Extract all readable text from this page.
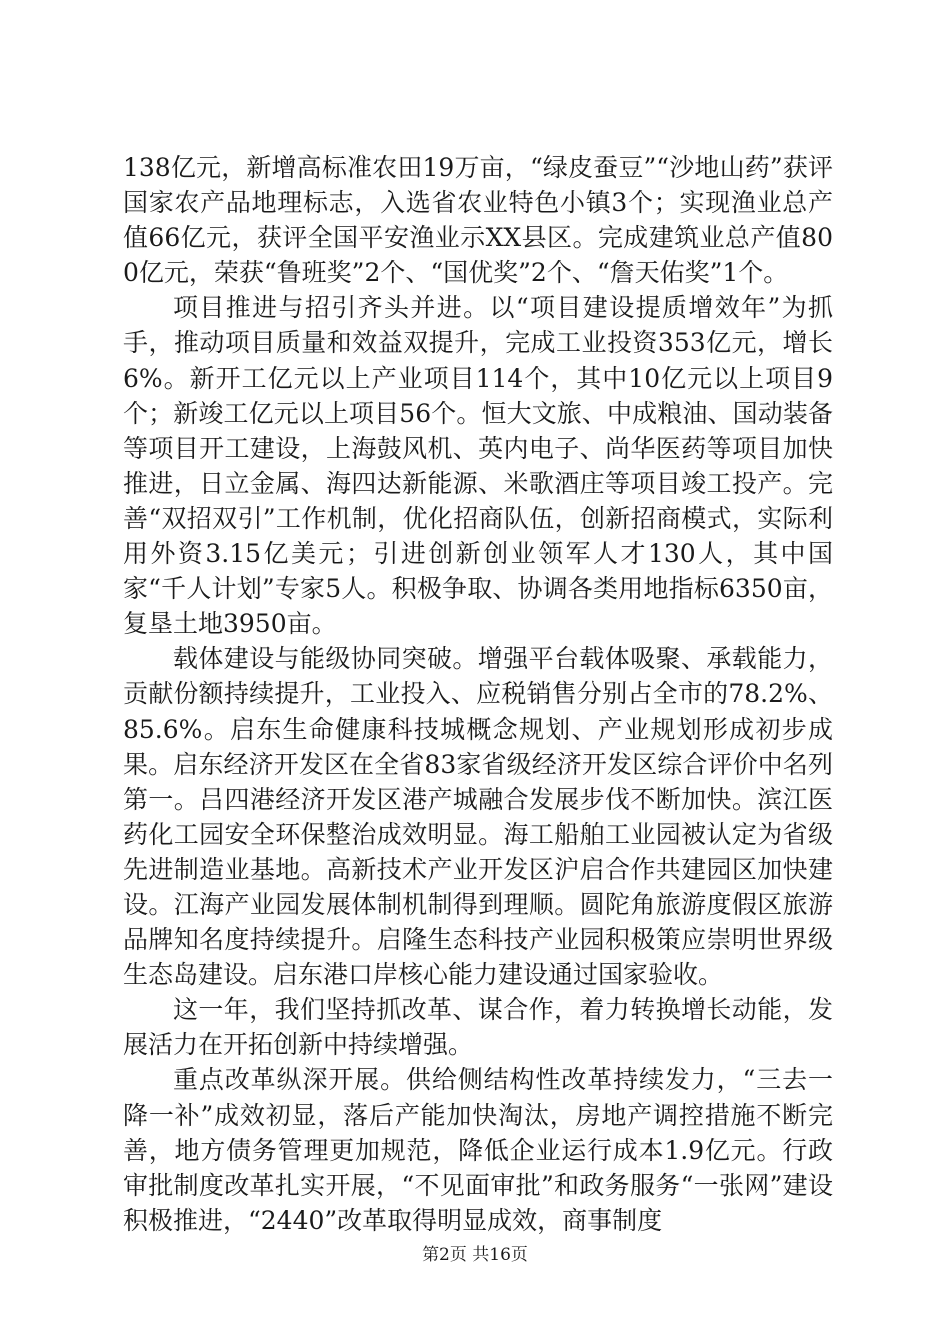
138亿元，新增高标准农田19万亩，“绿皮蚕豆”“沙地山药”获评国家农产品地理标志，入选省农业特色小镇3个；实现渔业总产值66亿元，获评全国平安渔业示XX县区。完成建筑业总产值800亿元，荣获“鲁班奖”2个、“国优奖”2个、“詹天佑奖”1个。

项目推进与招引齐头并进。以“项目建设提质增效年”为抓手，推动项目质量和效益双提升，完成工业投资353亿元，增长6%。新开工亿元以上产业项目114个，其中10亿元以上项目9个；新竣工亿元以上项目56个。恒大文旅、中成粮油、国动装备等项目开工建设，上海鼓风机、英内电子、尚华医药等项目加快推进，日立金属、海四达新能源、米歌酒庄等项目竣工投产。完善“双招双引”工作机制，优化招商队伍，创新招商模式，实际利用外资3.15亿美元；引进创新创业领军人才130人，其中国家“千人计划”专家5人。积极争取、协调各类用地指标6350亩，复垦土地3950亩。

载体建设与能级协同突破。增强平台载体吸聚、承载能力，贡献份额持续提升，工业投入、应税销售分别占全市的78.2%、85.6%。启东生命健康科技城概念规划、产业规划形成初步成果。启东经济开发区在全省83家省级经济开发区综合评价中名列第一。吕四港经济开发区港产城融合发展步伐不断加快。滨江医药化工园安全环保整治成效明显。海工船舶工业园被认定为省级先进制造业基地。高新技术产业开发区沪启合作共建园区加快建设。江海产业园发展体制机制得到理顺。圆陀角旅游度假区旅游品牌知名度持续提升。启隆生态科技产业园积极策应崇明世界级生态岛建设。启东港口岸核心能力建设通过国家验收。

这一年，我们坚持抓改革、谋合作，着力转换增长动能，发展活力在开拓创新中持续增强。

重点改革纵深开展。供给侧结构性改革持续发力，“三去一降一补”成效初显，落后产能加快淘汰，房地产调控措施不断完善，地方债务管理更加规范，降低企业运行成本1.9亿元。行政审批制度改革扎实开展，“不见面审批”和政务服务“一张网”建设积极推进，“2440”改革取得明显成效，商事制度

第2页 共16页
